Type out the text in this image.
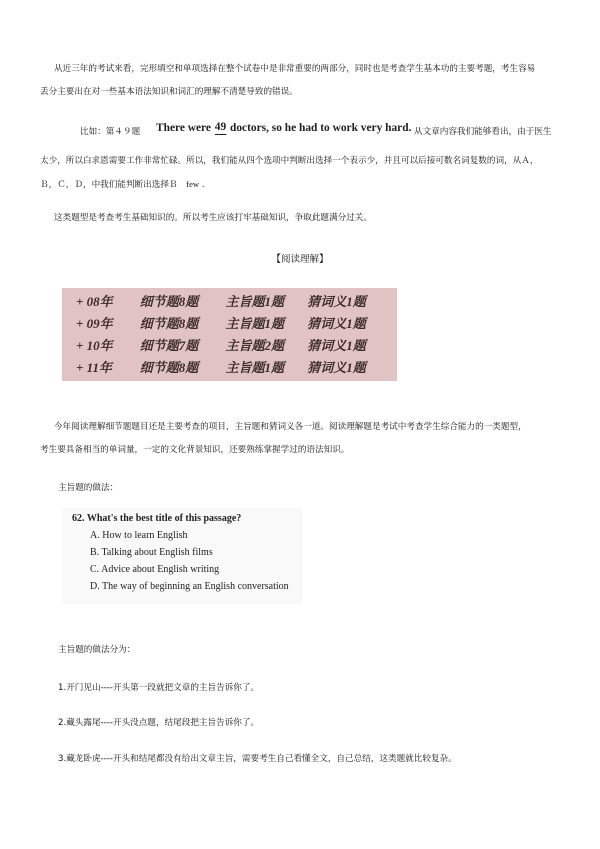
从近三年的考试来看，完形填空和单项选择在整个试卷中是非常重要的两部分，同时也是考查学生基本功的主要考题，考生容易
丢分主要出在对一些基本语法知识和词汇的理解不清楚导致的错误。
比如：第４９题	There were 49 doctors, so he had to work very hard. 从文章内容我们能够看出，由于医生
太少，所以白求恩需要工作非常忙碌。所以，我们能从四个选项中判断出选择一个表示少，并且可以后接可数名词复数的词，从Ａ，
Ｂ，Ｃ，Ｄ，中我们能判断出选择Ｂ few .
这类题型是考查考生基础知识的。所以考生应该打牢基础知识，争取此题满分过关。
【阅读理解】
+ 08年	细节题8题	主旨题1题	猜词义1题
+ 09年	细节题8题	主旨题1题	猜词义1题
+ 10年	细节题7题	主旨题2题	猜词义1题
+ 11年	细节题8题	主旨题1题	猜词义1题
今年阅读理解细节题题目还是主要考查的项目，主旨题和猜词义各一道。阅读理解题是考试中考查学生综合能力的一类题型，
考生要具备相当的单词量，一定的文化背景知识，还要熟练掌握学过的语法知识。
主旨题的做法：
62. What's the best title of this passage?
A. How to learn English
B. Talking about English films
C. Advice about English writing
D. The way of beginning an English conversation
主旨题的做法分为：
1.开门见山----开头第一段就把文章的主旨告诉你了。
2.藏头露尾----开头没点题，结尾段把主旨告诉你了。
3.藏龙卧虎----开头和结尾都没有给出文章主旨，需要考生自己看懂全文，自己总结，这类题就比较复杂。
